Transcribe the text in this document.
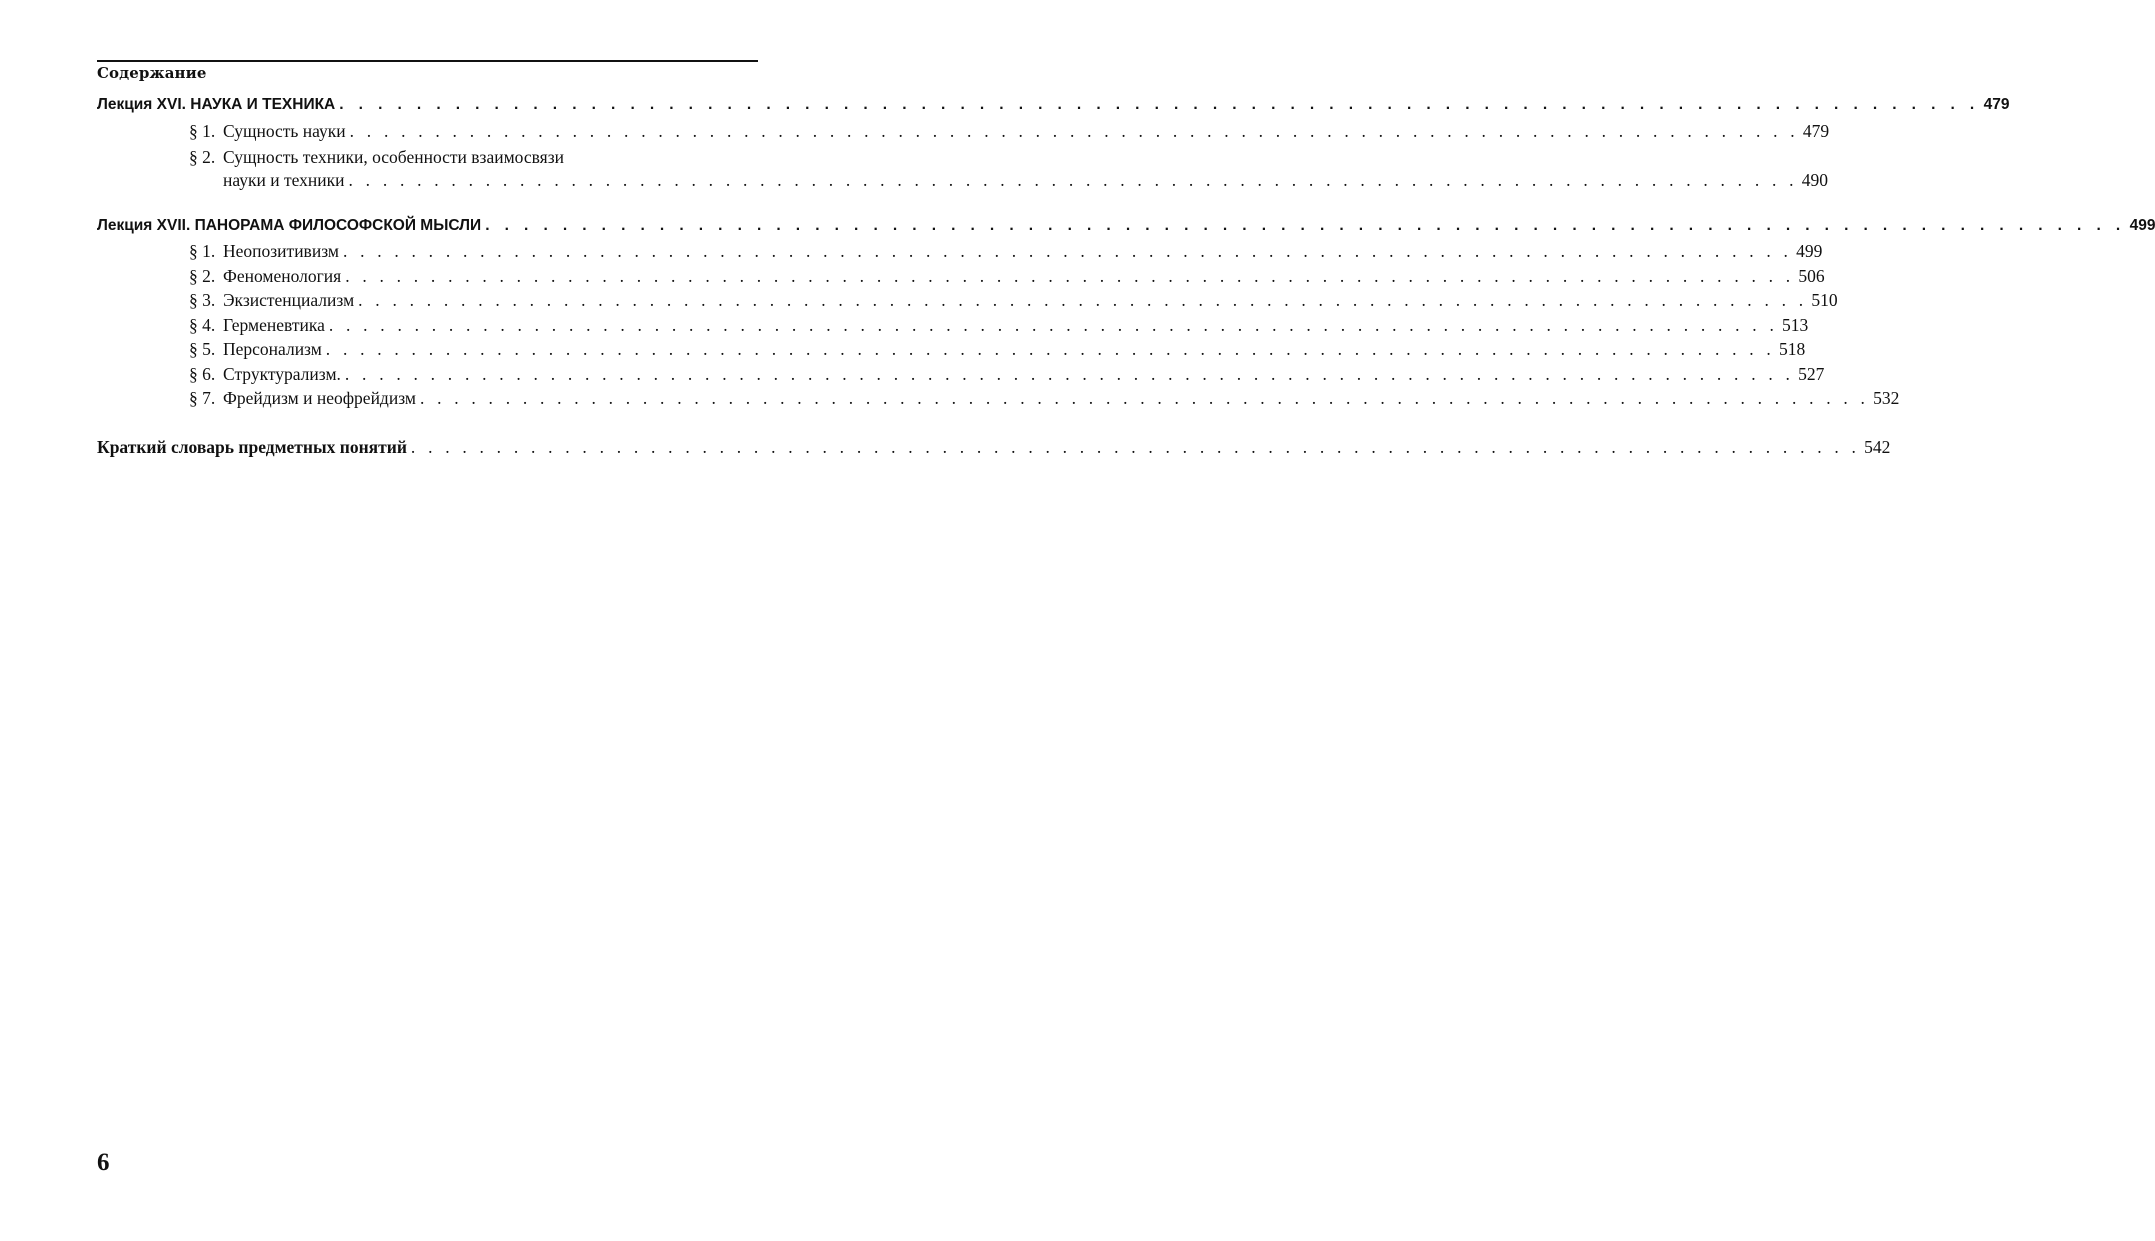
Содержание
Лекция XVI. НАУКА И ТЕХНИКА . . . . . . . . . . . . . . . . . . . . . . . . . . . . . . . . . . . . . . . . . . . . . . . . . . . . . . . . . . . . . . . . . . . . . . . . . . . . . . . . . . . . . 479
§ 1. Сущность науки . . . . . . . . . . . . . . . . . . . . . . . . . . . . . . . . . . . . . . . . . . . . . . . . . . . . . . . . . . . . . . . . . . . . . . . . . . . . . . . . . . . . . 479
§ 2. Сущность техники, особенности взаимосвязи
науки и техники . . . . . . . . . . . . . . . . . . . . . . . . . . . . . . . . . . . . . . . . . . . . . . . . . . . . . . . . . . . . . . . . . . . . . . . . . . . . . . . . . . . . . 490
Лекция XVII. ПАНОРАМА ФИЛОСОФСКОЙ МЫСЛИ . . . . . . . . . . . . . . . . . . . . . . . . . . . . . . . . . . . . . . . . . . . . . . . . . . . . . . . . . . . . . . . . . . . . . . . . . . . . . . . . . . . . . 499
§ 1. Неопозитивизм . . . . . . . . . . . . . . . . . . . . . . . . . . . . . . . . . . . . . . . . . . . . . . . . . . . . . . . . . . . . . . . . . . . . . . . . . . . . . . . . . . . . . 499
§ 2. Феноменология . . . . . . . . . . . . . . . . . . . . . . . . . . . . . . . . . . . . . . . . . . . . . . . . . . . . . . . . . . . . . . . . . . . . . . . . . . . . . . . . . . . . . 506
§ 3. Экзистенциализм . . . . . . . . . . . . . . . . . . . . . . . . . . . . . . . . . . . . . . . . . . . . . . . . . . . . . . . . . . . . . . . . . . . . . . . . . . . . . . . . . . . . . 510
§ 4. Герменевтика . . . . . . . . . . . . . . . . . . . . . . . . . . . . . . . . . . . . . . . . . . . . . . . . . . . . . . . . . . . . . . . . . . . . . . . . . . . . . . . . . . . . . 513
§ 5. Персонализм . . . . . . . . . . . . . . . . . . . . . . . . . . . . . . . . . . . . . . . . . . . . . . . . . . . . . . . . . . . . . . . . . . . . . . . . . . . . . . . . . . . . . 518
§ 6. Структурализм. . . . . . . . . . . . . . . . . . . . . . . . . . . . . . . . . . . . . . . . . . . . . . . . . . . . . . . . . . . . . . . . . . . . . . . . . . . . . . . . . . . . . . 527
§ 7. Фрейдизм и неофрейдизм . . . . . . . . . . . . . . . . . . . . . . . . . . . . . . . . . . . . . . . . . . . . . . . . . . . . . . . . . . . . . . . . . . . . . . . . . . . . . . . . . . . . . 532
Краткий словарь предметных понятий . . . . . . . . . . . . . . . . . . . . . . . . . . . . . . . . . . . . . . . . . . . . . . . . . . . . . . . . . . . . . . . . . . . . . . . . . . . . . . . . . . . . . 542
6
